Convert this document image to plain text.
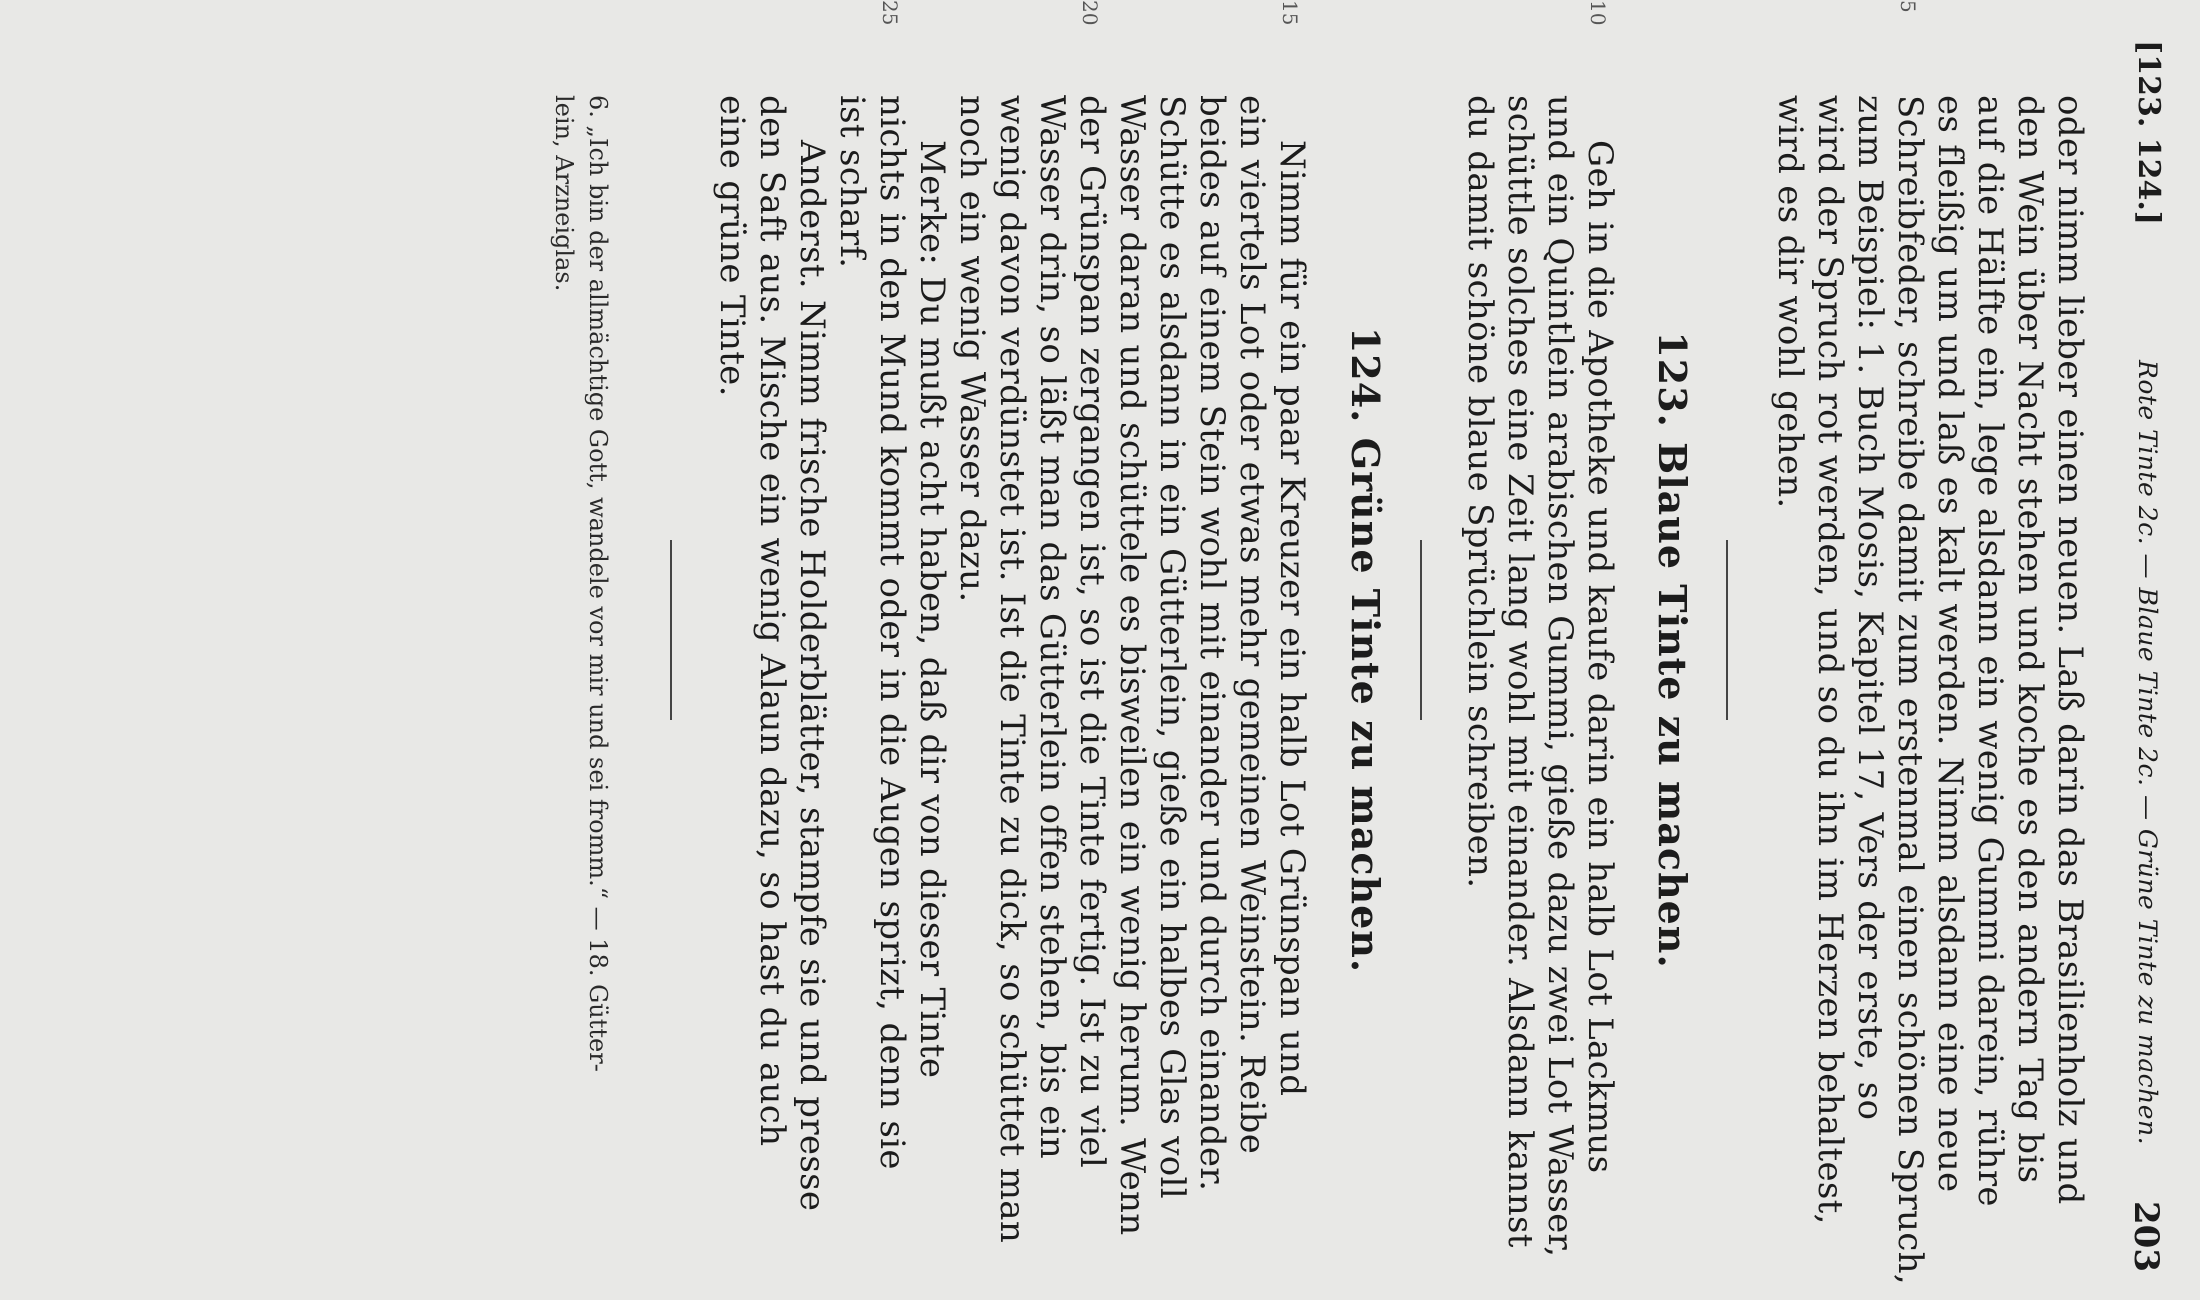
[123. 124.]
Rote Tinte 2c. — Blaue Tinte 2c. — Grüne Tinte zu machen.
203
oder nimm lieber einen neuen. Laß darin das Brasilienholz und
den Wein über Nacht stehen und koche es den andern Tag bis
auf die Hälfte ein, lege alsdann ein wenig Gummi darein, rühre
es fleißig um und laß es kalt werden. Nimm alsdann eine neue
5
Schreibfeder, schreibe damit zum erstenmal einen schönen Spruch,
zum Beispiel: 1. Buch Mosis, Kapitel 17, Vers der erste, so
wird der Spruch rot werden, und so du ihn im Herzen behaltest,
wird es dir wohl gehen.
123. Blaue Tinte zu machen.
10
Geh in die Apotheke und kaufe darin ein halb Lot Lackmus
und ein Quintlein arabischen Gummi, gieße dazu zwei Lot Wasser,
schüttle solches eine Zeit lang wohl mit einander. Alsdann kannst
du damit schöne blaue Sprüchlein schreiben.
124. Grüne Tinte zu machen.
15
Nimm für ein paar Kreuzer ein halb Lot Grünspan und
ein viertels Lot oder etwas mehr gemeinen Weinstein. Reibe
beides auf einem Stein wohl mit einander und durch einander.
Schütte es alsdann in ein Gütterlein, gieße ein halbes Glas voll
Wasser daran und schüttele es bisweilen ein wenig herum. Wenn
20
der Grünspan zergangen ist, so ist die Tinte fertig. Ist zu viel
Wasser drin, so läßt man das Gütterlein offen stehen, bis ein
wenig davon verdünstet ist. Ist die Tinte zu dick, so schüttet man
noch ein wenig Wasser dazu.
Merke: Du mußt acht haben, daß dir von dieser Tinte
25
nichts in den Mund kommt oder in die Augen sprizt, denn sie
ist scharf.
Anderst. Nimm frische Holderblätter, stampfe sie und presse
den Saft aus. Mische ein wenig Alaun dazu, so hast du auch
eine grüne Tinte.
6. „Ich bin der allmächtige Gott, wandele vor mir und sei fromm.“ — 18. Gütter-
lein, Arzneiglas.
